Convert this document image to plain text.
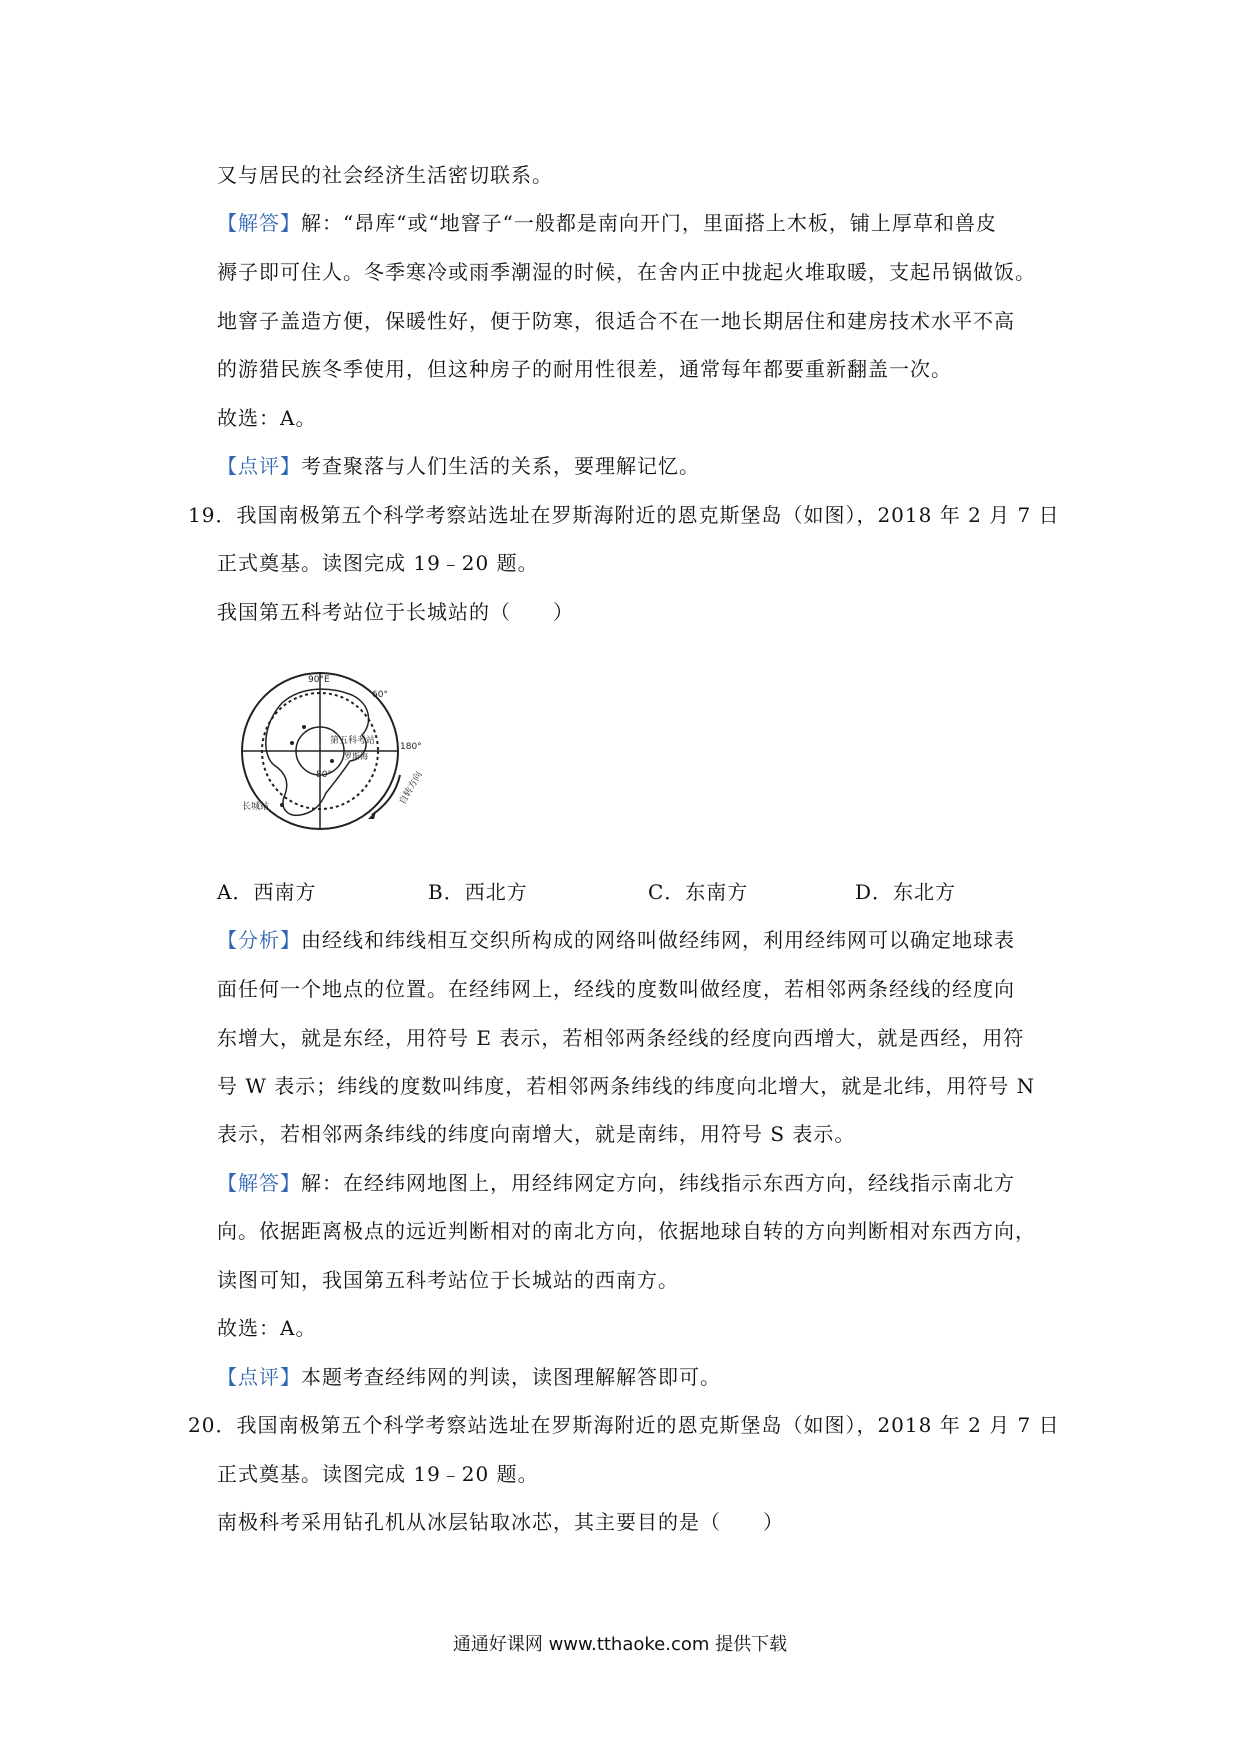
又与居民的社会经济生活密切联系。
【解答】解：“昂库“或“地窨子“一般都是南向开门，里面搭上木板，铺上厚草和兽皮
褥子即可住人。冬季寒冷或雨季潮湿的时候，在舍内正中拢起火堆取暖，支起吊锅做饭。
地窨子盖造方便，保暖性好，便于防寒，很适合不在一地长期居住和建房技术水平不高
的游猎民族冬季使用，但这种房子的耐用性很差，通常每年都要重新翻盖一次。
故选：A。
【点评】考查聚落与人们生活的关系，要理解记忆。
19．我国南极第五个科学考察站选址在罗斯海附近的恩克斯堡岛（如图），2018 年 2 月 7 日
正式奠基。读图完成 19﹣20 题。
我国第五科考站位于长城站的（　　）
90°E
60°
180°
80°
第五科考站
罗斯海
长城站
自转方向
A．西南方	B．西北方	C．东南方	D．东北方
【分析】由经线和纬线相互交织所构成的网络叫做经纬网，利用经纬网可以确定地球表
面任何一个地点的位置。在经纬网上，经线的度数叫做经度，若相邻两条经线的经度向
东增大，就是东经，用符号 E 表示，若相邻两条经线的经度向西增大，就是西经，用符
号 W 表示；纬线的度数叫纬度，若相邻两条纬线的纬度向北增大，就是北纬，用符号 N
表示，若相邻两条纬线的纬度向南增大，就是南纬，用符号 S 表示。
【解答】解：在经纬网地图上，用经纬网定方向，纬线指示东西方向，经线指示南北方
向。依据距离极点的远近判断相对的南北方向，依据地球自转的方向判断相对东西方向，
读图可知，我国第五科考站位于长城站的西南方。
故选：A。
【点评】本题考查经纬网的判读，读图理解解答即可。
20．我国南极第五个科学考察站选址在罗斯海附近的恩克斯堡岛（如图），2018 年 2 月 7 日
正式奠基。读图完成 19﹣20 题。
南极科考采用钻孔机从冰层钻取冰芯，其主要目的是（　　）
通通好课网 www.tthaoke.com 提供下载
